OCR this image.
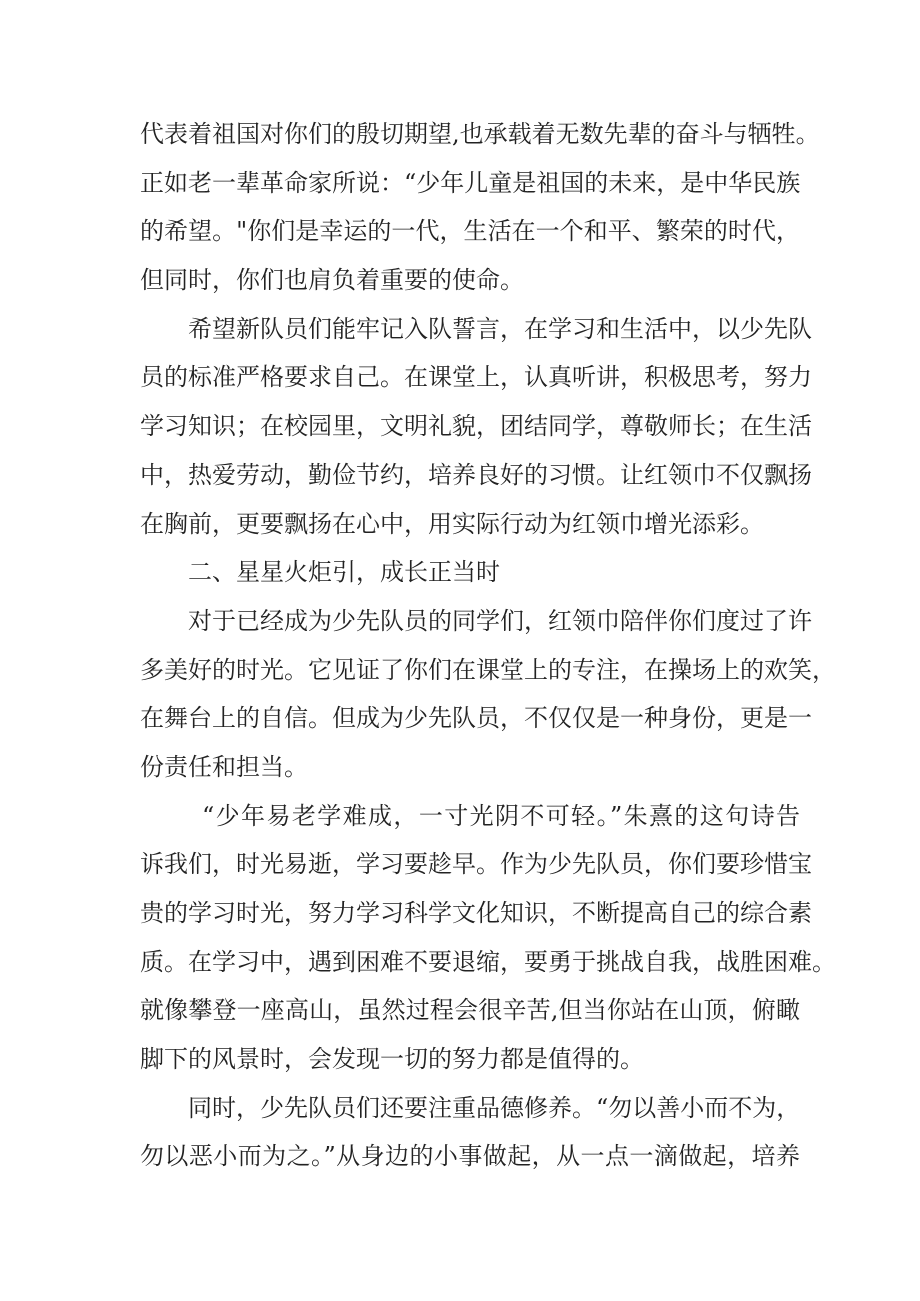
代表着祖国对你们的殷切期望,也承载着无数先辈的奋斗与牺牲。
正如老一辈革命家所说：“少年儿童是祖国的未来，是中华民族
的希望。"你们是幸运的一代，生活在一个和平、繁荣的时代，
但同时，你们也肩负着重要的使命。
希望新队员们能牢记入队誓言，在学习和生活中，以少先队
员的标准严格要求自己。在课堂上，认真听讲，积极思考，努力
学习知识；在校园里，文明礼貌，团结同学，尊敬师长；在生活
中，热爱劳动，勤俭节约，培养良好的习惯。让红领巾不仅飘扬
在胸前，更要飘扬在心中，用实际行动为红领巾增光添彩。
二、星星火炬引，成长正当时
对于已经成为少先队员的同学们，红领巾陪伴你们度过了许
多美好的时光。它见证了你们在课堂上的专注，在操场上的欢笑，
在舞台上的自信。但成为少先队员，不仅仅是一种身份，更是一
份责任和担当。
“少年易老学难成，一寸光阴不可轻。”朱熹的这句诗告
诉我们，时光易逝，学习要趁早。作为少先队员，你们要珍惜宝
贵的学习时光，努力学习科学文化知识，不断提高自己的综合素
质。在学习中，遇到困难不要退缩，要勇于挑战自我，战胜困难。
就像攀登一座高山，虽然过程会很辛苦,但当你站在山顶，俯瞰
脚下的风景时，会发现一切的努力都是值得的。
同时，少先队员们还要注重品德修养。“勿以善小而不为，
勿以恶小而为之。”从身边的小事做起，从一点一滴做起，培养
